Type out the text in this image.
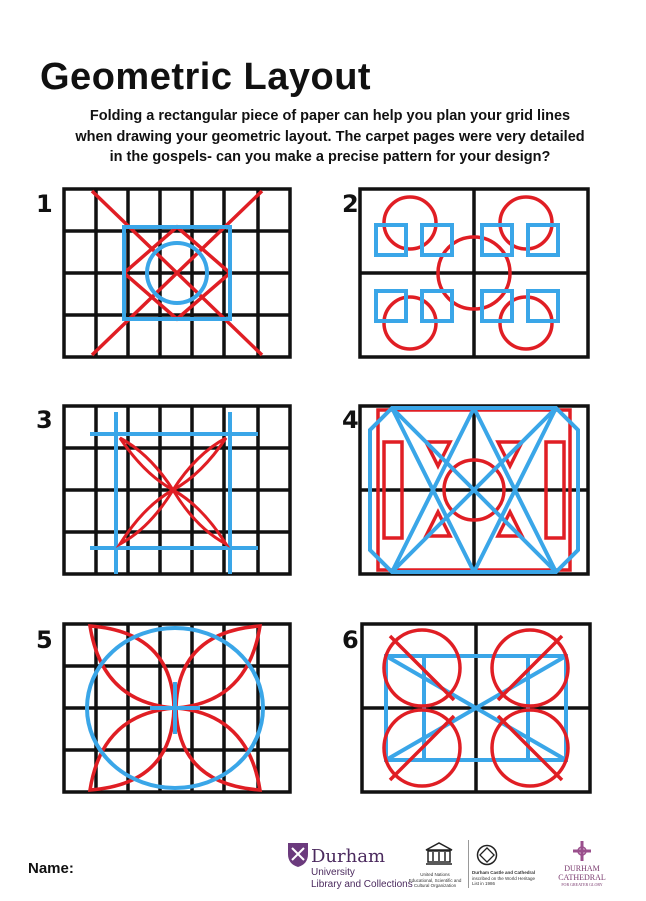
Geometric Layout
Folding a rectangular piece of paper can help you plan your grid lines
when drawing your geometric layout. The carpet pages were very detailed
in the gospels- can you make a precise pattern for your design?
1	2
3	4
5	6
Name:
Durham
University
Library and Collections
United Nations
Educational, Scientific and
Cultural Organization
Durham Castle and Cathedral
inscribed on the World Heritage
List in 1986
DURHAM
CATHEDRAL
FOR GREATER GLORY
